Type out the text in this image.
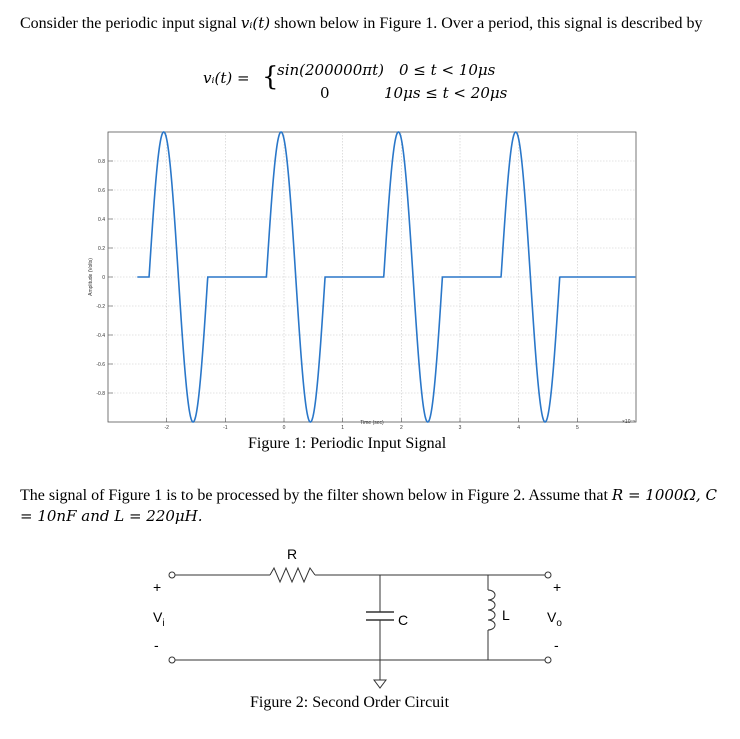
Consider the periodic input signal vᵢ(t) shown below in Figure 1. Over a period, this signal is described by
vᵢ(t) = {
sin(200000πt) 0 ≤ t < 10μs
0	10μs ≤ t < 20μs
-2	-1	0	1	2	3	4	5
0.8
0.6
0.4
0.2
0
-0.2
-0.4
-0.6
-0.8
Time (sec)	×10⁻⁵
Amplitude (Volts)
Figure 1: Periodic Input Signal
The signal of Figure 1 is to be processed by the filter shown below in Figure 2. Assume that R = 1000Ω, C = 10nF and L = 220μH.
R
C	L
+
-
+
-
$V_i$	$V_o$
Figure 2: Second Order Circuit
